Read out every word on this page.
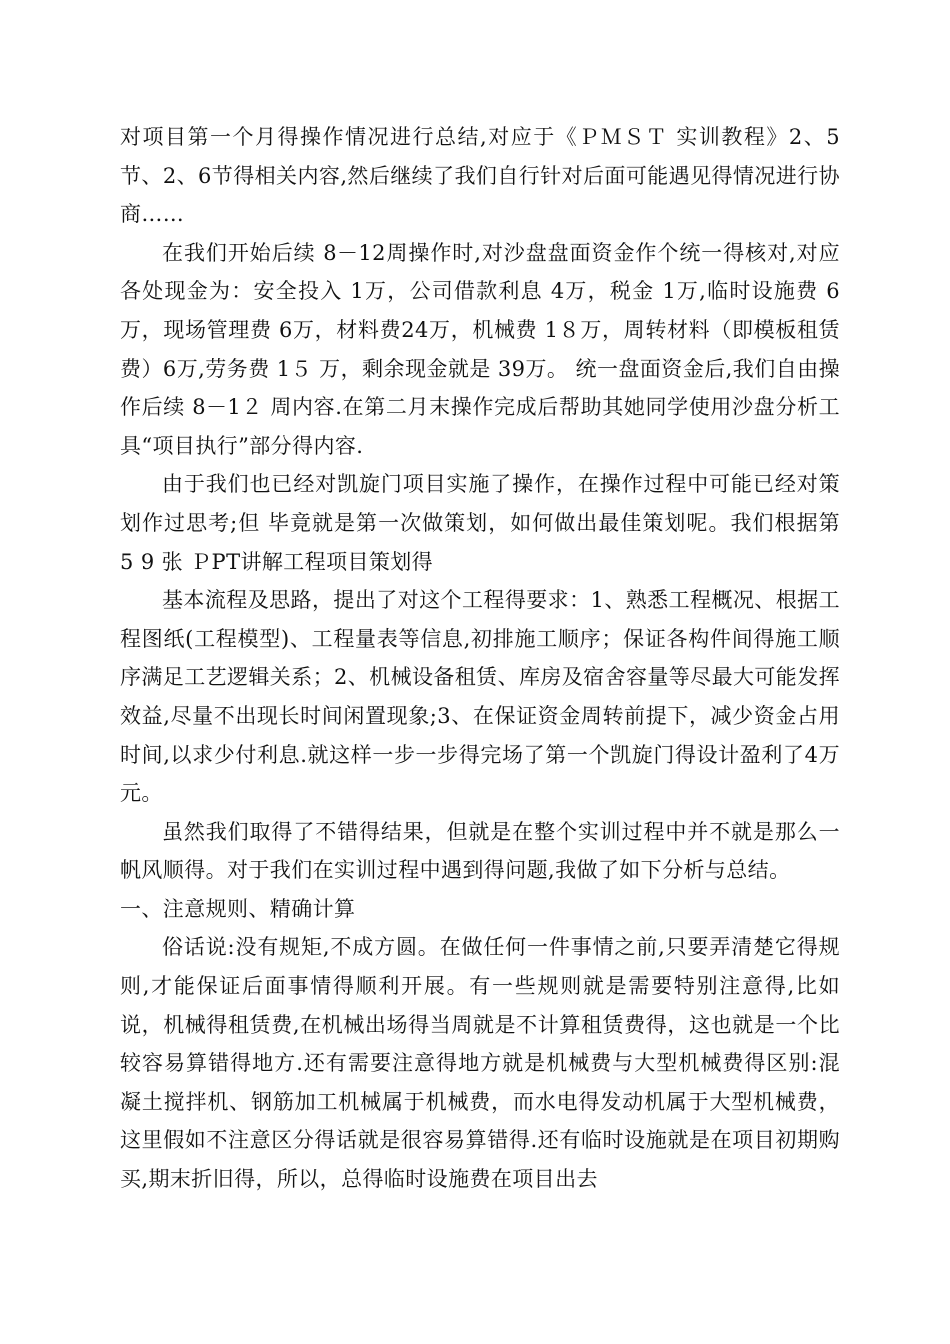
对项目第一个月得操作情况进行总结,对应于《ＰＭＳＴ 实训教程》2、5节、2、6节得相关内容,然后继续了我们自行针对后面可能遇见得情况进行协商……

在我们开始后续 8－12周操作时,对沙盘盘面资金作个统一得核对,对应各处现金为：安全投入 1万，公司借款利息 4万，税金 1万,临时设施费 6 万，现场管理费 6万，材料费24万，机械费 1８万，周转材料（即模板租赁费）6万,劳务费 1５ 万，剩余现金就是 39万。 统一盘面资金后,我们自由操作后续 8－1２ 周内容.在第二月末操作完成后帮助其她同学使用沙盘分析工具“项目执行”部分得内容.

由于我们也已经对凯旋门项目实施了操作，在操作过程中可能已经对策划作过思考;但 毕竟就是第一次做策划，如何做出最佳策划呢。我们根据第 5 9 张 ＰPT讲解工程项目策划得

基本流程及思路，提出了对这个工程得要求：1、熟悉工程概况、根据工程图纸(工程模型)、工程量表等信息,初排施工顺序；保证各构件间得施工顺序满足工艺逻辑关系；2、机械设备租赁、库房及宿舍容量等尽最大可能发挥效益,尽量不出现长时间闲置现象;3、在保证资金周转前提下，减少资金占用时间,以求少付利息.就这样一步一步得完场了第一个凯旋门得设计盈利了4万元。

虽然我们取得了不错得结果，但就是在整个实训过程中并不就是那么一帆风顺得。对于我们在实训过程中遇到得问题,我做了如下分析与总结。

一、注意规则、精确计算

俗话说:没有规矩,不成方圆。在做任何一件事情之前,只要弄清楚它得规则,才能保证后面事情得顺利开展。有一些规则就是需要特别注意得,比如说，机械得租赁费,在机械出场得当周就是不计算租赁费得，这也就是一个比较容易算错得地方.还有需要注意得地方就是机械费与大型机械费得区别:混凝土搅拌机、钢筋加工机械属于机械费，而水电得发动机属于大型机械费，这里假如不注意区分得话就是很容易算错得.还有临时设施就是在项目初期购买,期末折旧得，所以，总得临时设施费在项目出去
